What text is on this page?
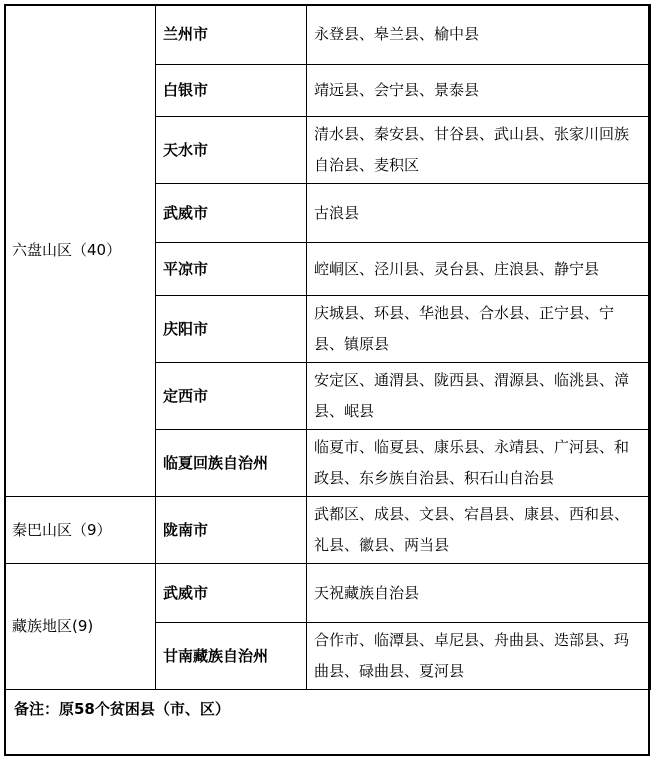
六盘山区（40）	兰州市	永登县、皋兰县、榆中县
	白银市	靖远县、会宁县、景泰县
	天水市	清水县、秦安县、甘谷县、武山县、张家川回族自治县、麦积区
	武威市	古浪县
	平凉市	崆峒区、泾川县、灵台县、庄浪县、静宁县
	庆阳市	庆城县、环县、华池县、合水县、正宁县、宁县、镇原县
	定西市	安定区、通渭县、陇西县、渭源县、临洮县、漳县、岷县
	临夏回族自治州	临夏市、临夏县、康乐县、永靖县、广河县、和政县、东乡族自治县、积石山自治县
秦巴山区（9）	陇南市	武都区、成县、文县、宕昌县、康县、西和县、礼县、徽县、两当县
藏族地区(9)	武威市	天祝藏族自治县
	甘南藏族自治州	合作市、临潭县、卓尼县、舟曲县、迭部县、玛曲县、碌曲县、夏河县
备注：原58个贫困县（市、区）
